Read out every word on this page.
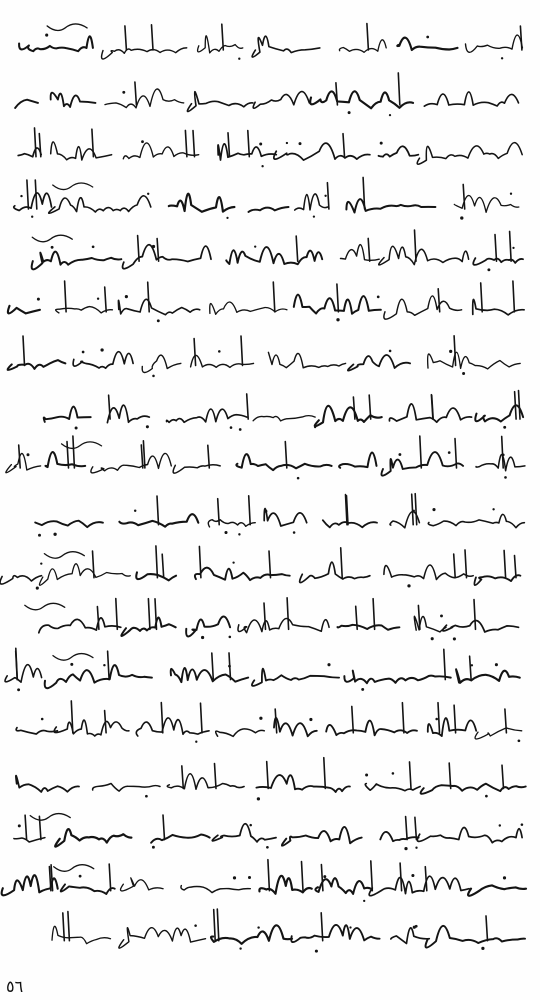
٥٦
